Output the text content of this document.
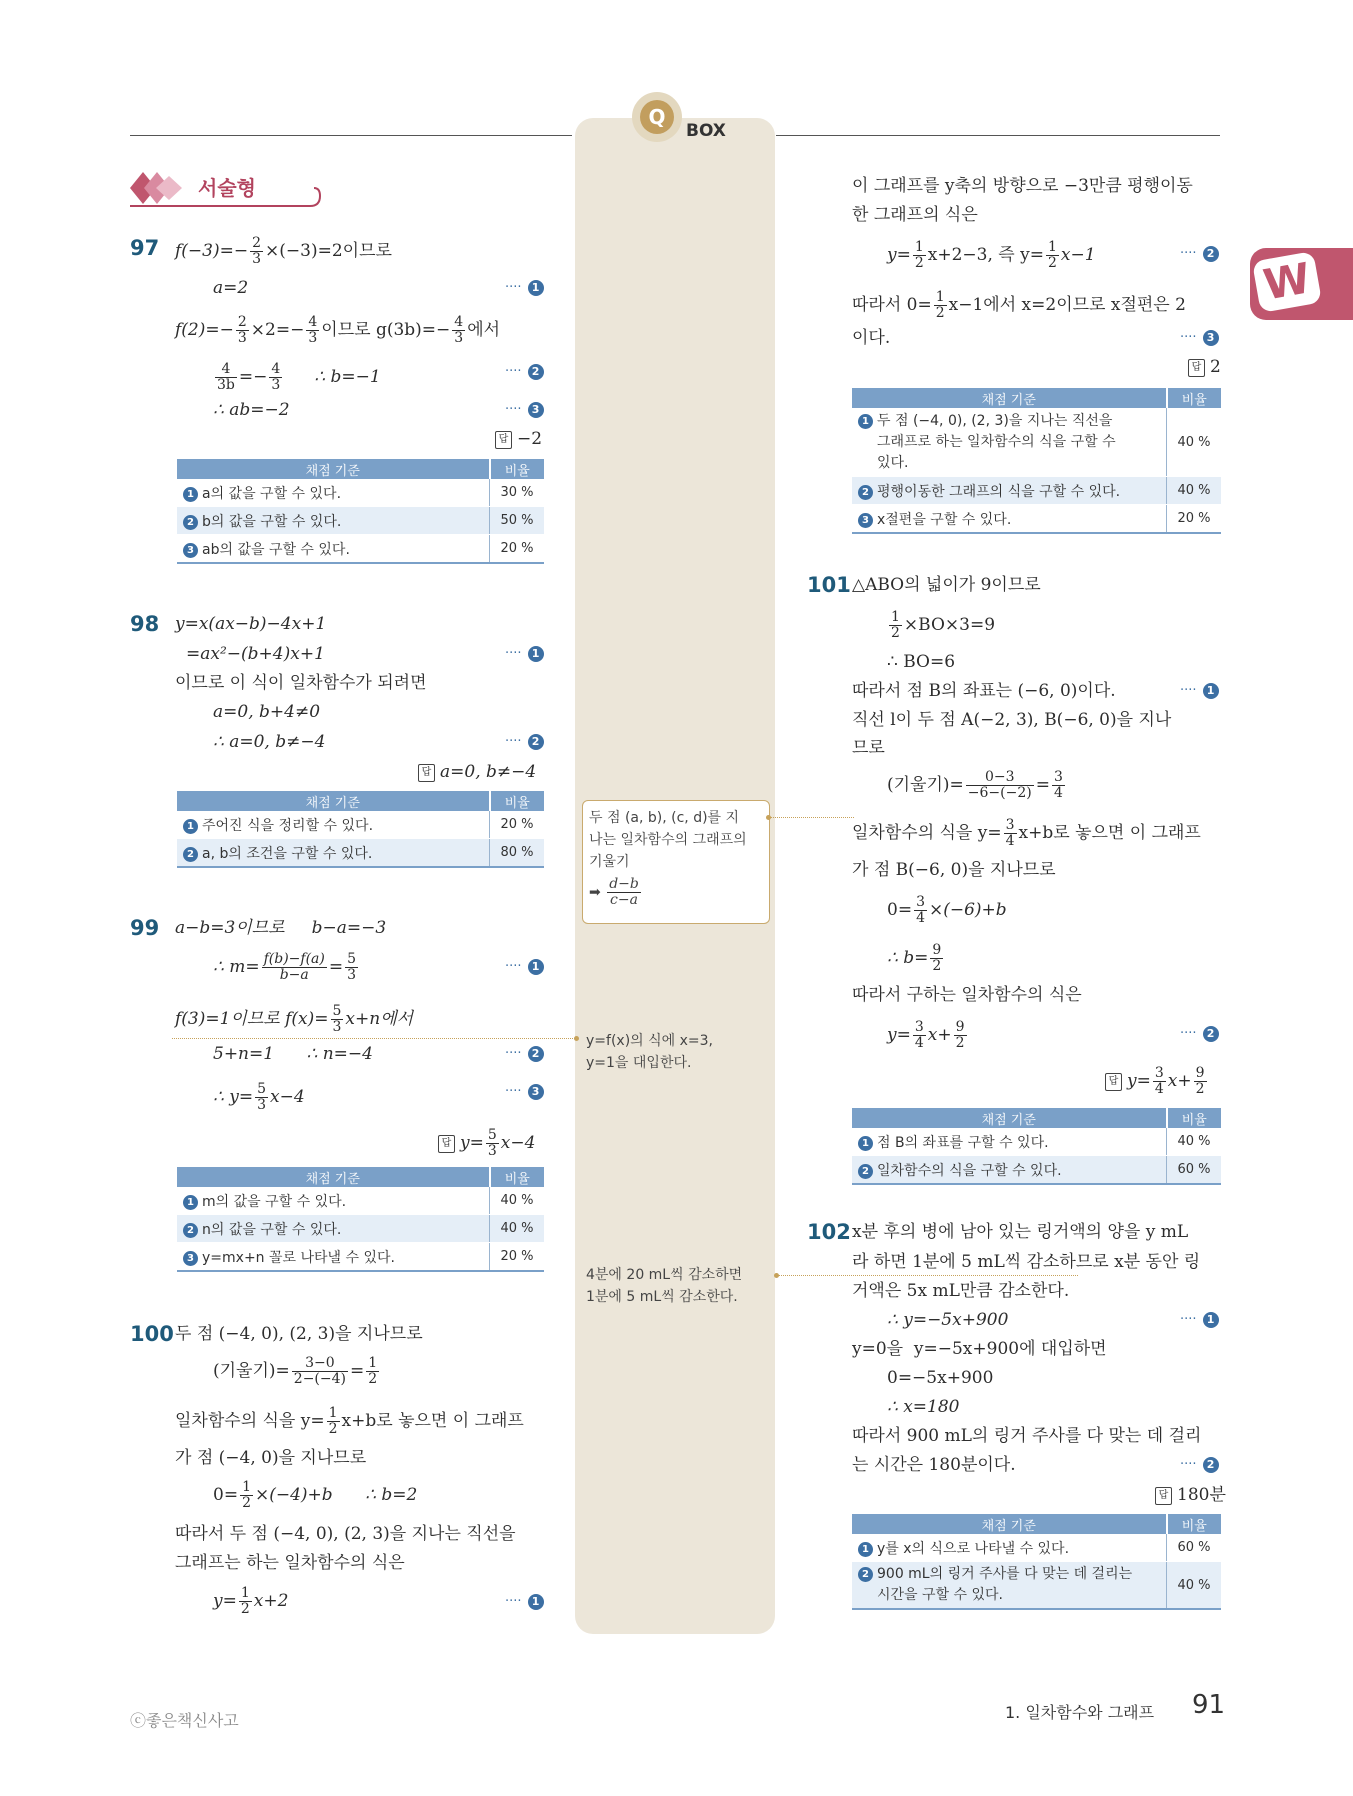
Q
BOX
W
서술형
97 $f(-3)=- \frac{2}{3} \times(-3)=2$이므로
a=2	···· 1
$f(2)=- \frac{2}{3} \times 2=- \frac{4}{3}$ 이므로 $g(3b)=- \frac{4}{3}$ 에서
$\frac{4}{3b} =- \frac{4}{3}$ ∴ b=−1	···· 2
∴ ab=−2	···· 3
답 −2
채점 기준	비율
1 a의 값을 구할 수 있다.	30 %
2 b의 값을 구할 수 있다.	50 %
3 ab의 값을 구할 수 있다.	20 %
98 y=x(ax−b)−4x+1
=ax²−(b+4)x+1	···· 1
이므로 이 식이 일차함수가 되려면
a=0, b+4≠0
∴ a=0, b≠−4	···· 2
답 a=0, b≠−4
채점 기준	비율
1 주어진 식을 정리할 수 있다.	20 %
2 a, b의 조건을 구할 수 있다.	80 %
99 a−b=3이므로     b−a=−3
∴ $m= \frac{f(b)-f(a)}{b-a} = \frac{5}{3}$	···· 1
f(3)=1이므로 $f(x)= \frac{5}{3} x+n$에서
5+n=1      ∴ n=−4	···· 2
∴ $y= \frac{5}{3} x-4$	···· 3
답 $y= \frac{5}{3} x-4$
채점 기준	비율
1 m의 값을 구할 수 있다.	40 %
2 n의 값을 구할 수 있다.	40 %
3 y=mx+n 꼴로 나타낼 수 있다.	20 %
100 두 점 (−4, 0), (2, 3)을 지나므로
(기울기)= $\frac{3-0}{2-(-4)} = \frac{1}{2}$
일차함수의 식을 $y= \frac{1}{2} x+b$로 놓으면 이 그래프
가 점 (−4, 0)을 지나므로
$0= \frac{1}{2} \times(-4)+b$      ∴ b=2
따라서 두 점 (−4, 0), (2, 3)을 지나는 직선을
그래프는 하는 일차함수의 식은
$y= \frac{1}{2} x+2$	···· 1
이 그래프를 y축의 방향으로 −3만큼 평행이동
한 그래프의 식은
$y= \frac{1}{2} x+2-3$, 즉 $y= \frac{1}{2} x-1$	···· 2
따라서 $0= \frac{1}{2} x-1$에서 x=2이므로 x절편은 2
이다.	···· 3
답 2
채점 기준	비율
1 두 점 (−4, 0), (2, 3)을 지나는 직선을
그래프로 하는 일차함수의 식을 구할 수
있다.	40 %
2 평행이동한 그래프의 식을 구할 수 있다.	40 %
3 x절편을 구할 수 있다.	20 %
101 △ABO의 넓이가 9이므로
$\frac{1}{2} \times BO\times 3=9$
∴ BO=6
따라서 점 B의 좌표는 (−6, 0)이다.	···· 1
직선 l이 두 점 A(−2, 3), B(−6, 0)을 지나
므로
(기울기)= $\frac{0-3}{-6-(-2)} = \frac{3}{4}$
일차함수의 식을 $y= \frac{3}{4} x+b$로 놓으면 이 그래프
가 점 B(−6, 0)을 지나므로
$0= \frac{3}{4} \times(-6)+b$
∴ $b= \frac{9}{2}$
따라서 구하는 일차함수의 식은
$y= \frac{3}{4} x+ \frac{9}{2}$	···· 2
답 $y= \frac{3}{4} x+ \frac{9}{2}$
채점 기준	비율
1 점 B의 좌표를 구할 수 있다.	40 %
2 일차함수의 식을 구할 수 있다.	60 %
102 x분 후의 병에 남아 있는 링거액의 양을 y mL
라 하면 1분에 5 mL씩 감소하므로 x분 동안 링
거액은 5x mL만큼 감소한다.
∴ y=−5x+900	···· 1
y=0을  y=−5x+900에 대입하면
0=−5x+900
∴ x=180
따라서 900 mL의 링거 주사를 다 맞는 데 걸리
는 시간은 180분이다.	···· 2
답 180분
채점 기준	비율
1 y를 x의 식으로 나타낼 수 있다.	60 %
2 900 mL의 링거 주사를 다 맞는 데 걸리는
시간을 구할 수 있다.	40 %
두 점 (a, b), (c, d)를 지
나는 일차함수의 그래프의
기울기
➡ $\frac{d-b}{c-a}$
y=f(x)의 식에 x=3,
y=1을 대입한다.
4분에 20 mL씩 감소하면
1분에 5 mL씩 감소한다.
ⓒ좋은책신사고	1. 일차함수와 그래프 91
